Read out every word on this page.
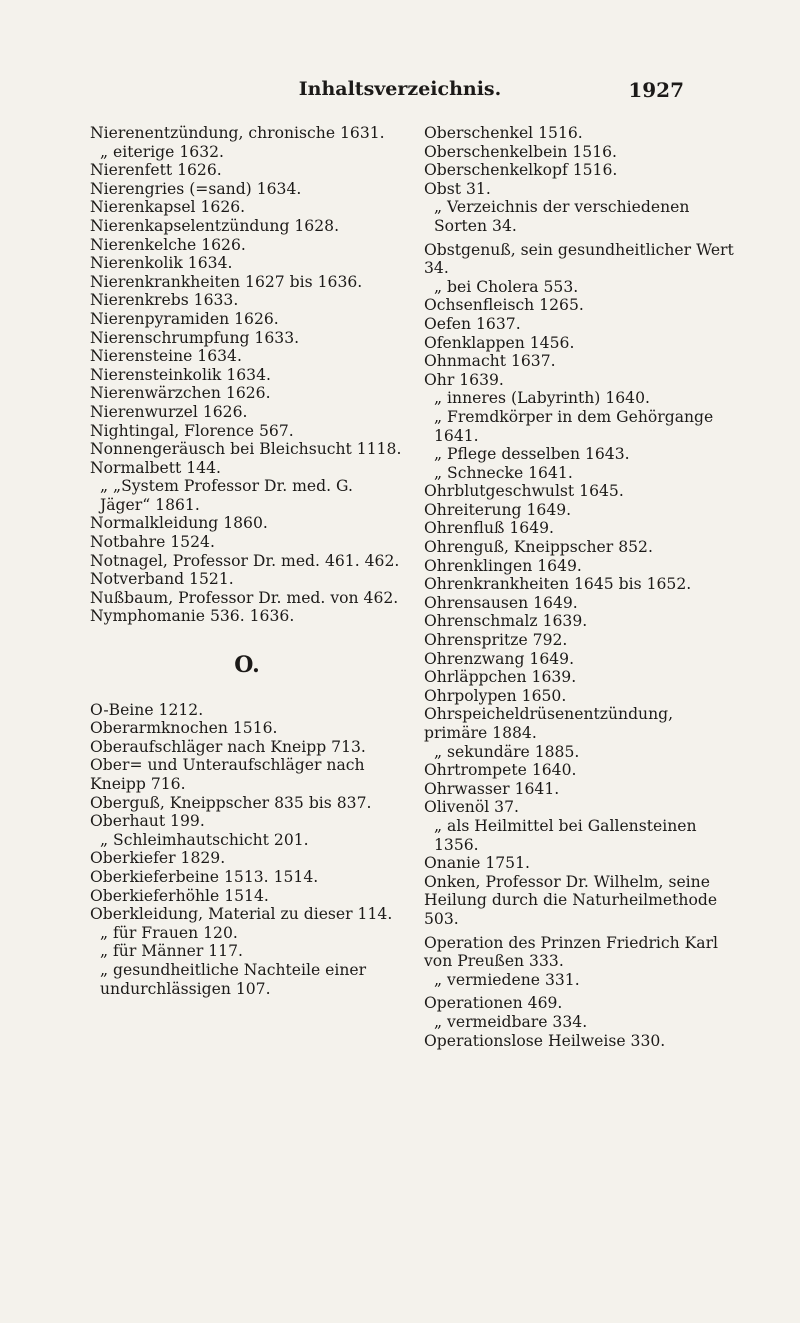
Inhaltsverzeichnis.	1927
Nierenentzündung, chronische 1631.
„ eiterige 1632.
Nierenfett 1626.
Nierengries (=sand) 1634.
Nierenkapsel 1626.
Nierenkapselentzündung 1628.
Nierenkelche 1626.
Nierenkolik 1634.
Nierenkrankheiten 1627 bis 1636.
Nierenkrebs 1633.
Nierenpyramiden 1626.
Nierenschrumpfung 1633.
Nierensteine 1634.
Nierensteinkolik 1634.
Nierenwärzchen 1626.
Nierenwurzel 1626.
Nightingal, Florence 567.
Nonnengeräusch bei Bleichsucht 1118.
Normalbett 144.
„ „System Professor Dr. med. G. Jäger“ 1861.
Normalkleidung 1860.
Notbahre 1524.
Notnagel, Professor Dr. med. 461. 462.
Notverband 1521.
Nußbaum, Professor Dr. med. von 462.
Nymphomanie 536. 1636.
O.
O-Beine 1212.
Oberarmknochen 1516.
Oberaufschläger nach Kneipp 713.
Ober= und Unteraufschläger nach Kneipp 716.
Oberguß, Kneippscher 835 bis 837.
Oberhaut 199.
„ Schleimhautschicht 201.
Oberkiefer 1829.
Oberkieferbeine 1513. 1514.
Oberkieferhöhle 1514.
Oberkleidung, Material zu dieser 114.
„ für Frauen 120.
„ für Männer 117.
„ gesundheitliche Nachteile einer undurchlässigen 107.
Oberschenkel 1516.
Oberschenkelbein 1516.
Oberschenkelkopf 1516.
Obst 31.
„ Verzeichnis der verschiedenen Sorten 34.
Obstgenuß, sein gesundheitlicher Wert 34.
„ bei Cholera 553.
Ochsenfleisch 1265.
Oefen 1637.
Ofenklappen 1456.
Ohnmacht 1637.
Ohr 1639.
„ inneres (Labyrinth) 1640.
„ Fremdkörper in dem Gehörgange 1641.
„ Pflege desselben 1643.
„ Schnecke 1641.
Ohrblutgeschwulst 1645.
Ohreiterung 1649.
Ohrenfluß 1649.
Ohrenguß, Kneippscher 852.
Ohrenklingen 1649.
Ohrenkrankheiten 1645 bis 1652.
Ohrensausen 1649.
Ohrenschmalz 1639.
Ohrenspritze 792.
Ohrenzwang 1649.
Ohrläppchen 1639.
Ohrpolypen 1650.
Ohrspeicheldrüsenentzündung, primäre 1884.
„ sekundäre 1885.
Ohrtrompete 1640.
Ohrwasser 1641.
Olivenöl 37.
„ als Heilmittel bei Gallensteinen 1356.
Onanie 1751.
Onken, Professor Dr. Wilhelm, seine Heilung durch die Naturheilmethode 503.
Operation des Prinzen Friedrich Karl von Preußen 333.
„ vermiedene 331.
Operationen 469.
„ vermeidbare 334.
Operationslose Heilweise 330.
